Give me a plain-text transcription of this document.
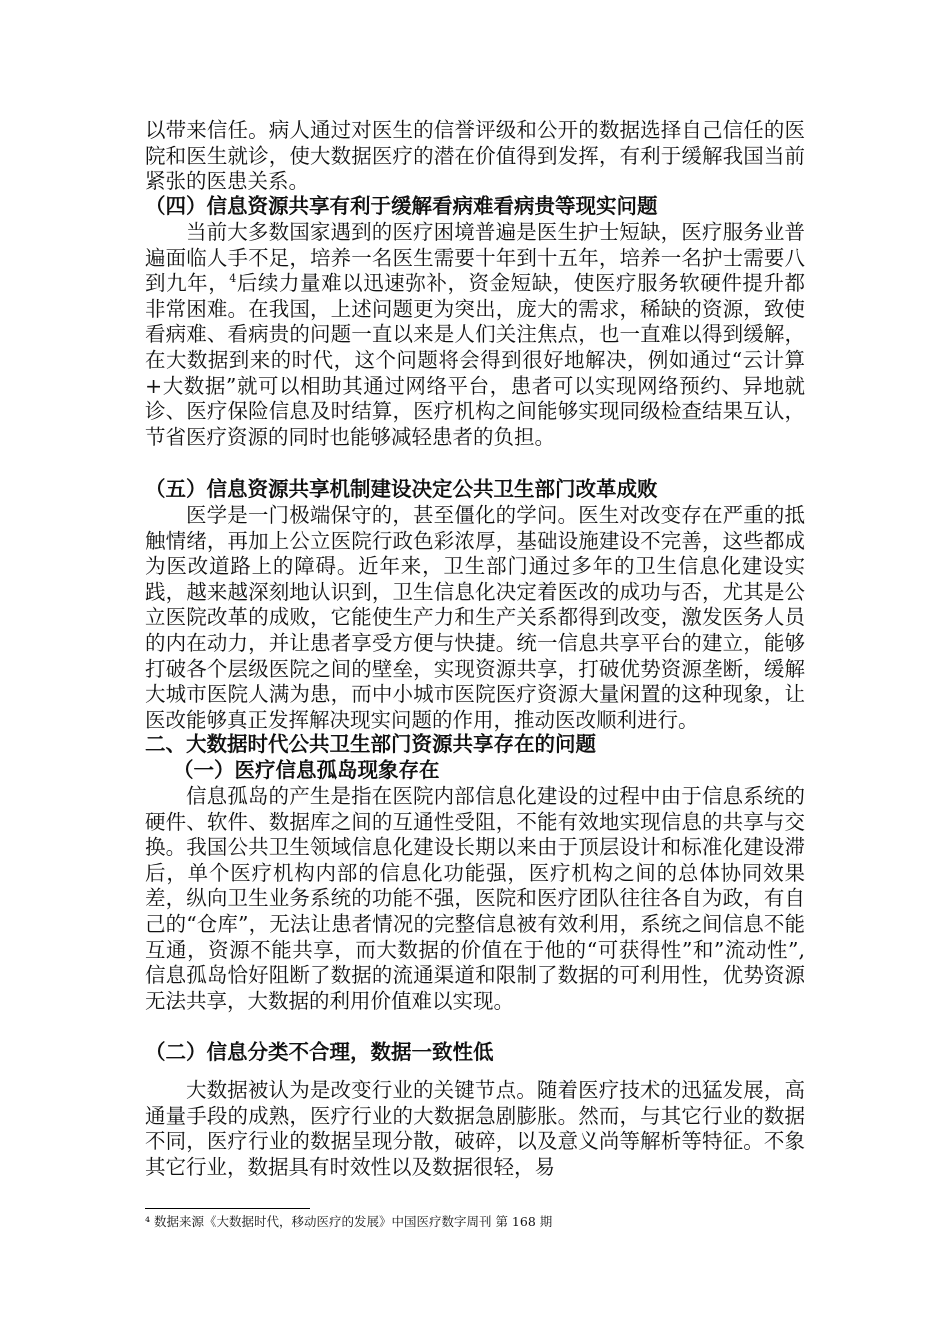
以带来信任。病人通过对医生的信誉评级和公开的数据选择自己信任的医院和医生就诊，使大数据医疗的潜在价值得到发挥，有利于缓解我国当前紧张的医患关系。

（四）信息资源共享有利于缓解看病难看病贵等现实问题

当前大多数国家遇到的医疗困境普遍是医生护士短缺，医疗服务业普遍面临人手不足，培养一名医生需要十年到十五年，培养一名护士需要八到九年，$^4$后续力量难以迅速弥补，资金短缺，使医疗服务软硬件提升都非常困难。在我国，上述问题更为突出，庞大的需求，稀缺的资源，致使看病难、看病贵的问题一直以来是人们关注焦点，也一直难以得到缓解，在大数据到来的时代，这个问题将会得到很好地解决，例如通过“云计算+大数据”就可以相助其通过网络平台，患者可以实现网络预约、异地就诊、医疗保险信息及时结算，医疗机构之间能够实现同级检查结果互认，节省医疗资源的同时也能够减轻患者的负担。

（五）信息资源共享机制建设决定公共卫生部门改革成败

医学是一门极端保守的，甚至僵化的学问。医生对改变存在严重的抵触情绪，再加上公立医院行政色彩浓厚，基础设施建设不完善，这些都成为医改道路上的障碍。近年来，卫生部门通过多年的卫生信息化建设实践，越来越深刻地认识到，卫生信息化决定着医改的成功与否，尤其是公立医院改革的成败，它能使生产力和生产关系都得到改变，激发医务人员的内在动力，并让患者享受方便与快捷。统一信息共享平台的建立，能够打破各个层级医院之间的壁垒，实现资源共享，打破优势资源垄断，缓解大城市医院人满为患，而中小城市医院医疗资源大量闲置的这种现象，让医改能够真正发挥解决现实问题的作用，推动医改顺利进行。

二、大数据时代公共卫生部门资源共享存在的问题

（一）医疗信息孤岛现象存在

信息孤岛的产生是指在医院内部信息化建设的过程中由于信息系统的硬件、软件、数据库之间的互通性受阻，不能有效地实现信息的共享与交换。我国公共卫生领域信息化建设长期以来由于顶层设计和标准化建设滞后，单个医疗机构内部的信息化功能强，医疗机构之间的总体协同效果差，纵向卫生业务系统的功能不强，医院和医疗团队往往各自为政，有自己的“仓库”，无法让患者情况的完整信息被有效利用，系统之间信息不能互通，资源不能共享，而大数据的价值在于他的“可获得性”和”流动性”,信息孤岛恰好阻断了数据的流通渠道和限制了数据的可利用性，优势资源无法共享，大数据的利用价值难以实现。

（二）信息分类不合理，数据一致性低

大数据被认为是改变行业的关键节点。随着医疗技术的迅猛发展，高通量手段的成熟，医疗行业的大数据急剧膨胀。然而，与其它行业的数据不同，医疗行业的数据呈现分散，破碎，以及意义尚等解析等特征。不象其它行业，数据具有时效性以及数据很轻，易

⁴ 数据来源《大数据时代，移动医疗的发展》中国医疗数字周刊 第 168 期
